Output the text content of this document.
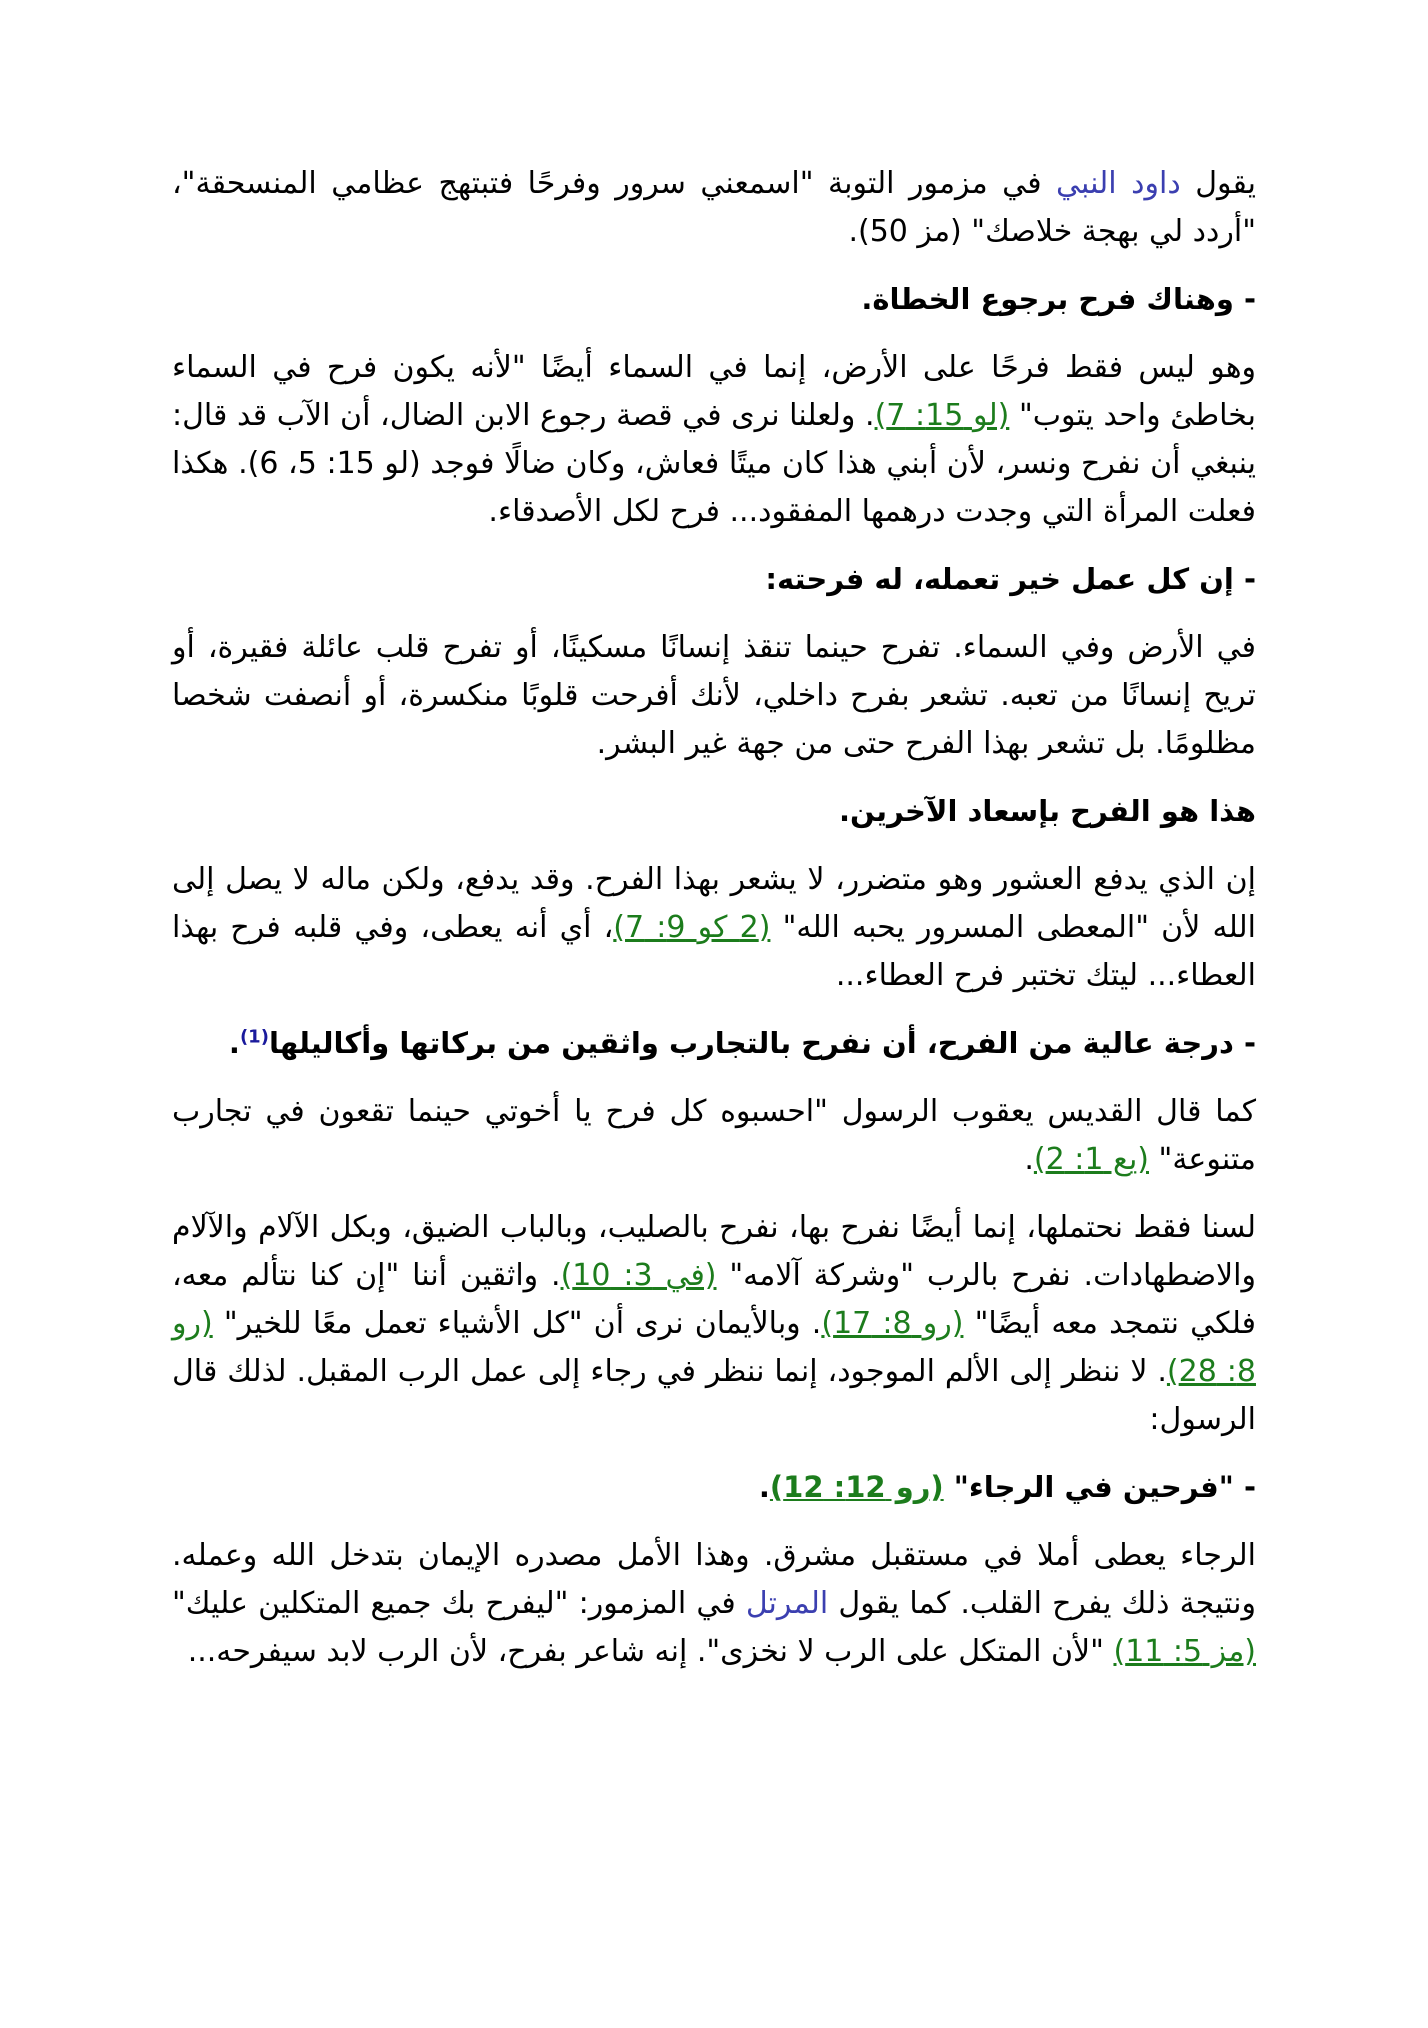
يقول داود النبي في مزمور التوبة "اسمعني سرور وفرحًا فتبتهج عظامي المنسحقة"، "أردد لي بهجة خلاصك" (مز 50).

- وهناك فرح برجوع الخطاة.

وهو ليس فقط فرحًا على الأرض، إنما في السماء أيضًا "لأنه يكون فرح في السماء بخاطئ واحد يتوب" (لو 15: 7). ولعلنا نرى في قصة رجوع الابن الضال، أن الآب قد قال: ينبغي أن نفرح ونسر، لأن أبني هذا كان ميتًا فعاش، وكان ضالًا فوجد (لو 15: 5، 6). هكذا فعلت المرأة التي وجدت درهمها المفقود... فرح لكل الأصدقاء.

- إن كل عمل خير تعمله، له فرحته:

في الأرض وفي السماء. تفرح حينما تنقذ إنسانًا مسكينًا، أو تفرح قلب عائلة فقيرة، أو تريح إنسانًا من تعبه. تشعر بفرح داخلي، لأنك أفرحت قلوبًا منكسرة، أو أنصفت شخصا مظلومًا. بل تشعر بهذا الفرح حتى من جهة غير البشر.

هذا هو الفرح بإسعاد الآخرين.

إن الذي يدفع العشور وهو متضرر، لا يشعر بهذا الفرح. وقد يدفع، ولكن ماله لا يصل إلى الله لأن "المعطى المسرور يحبه الله" (2 كو 9: 7)، أي أنه يعطى، وفي قلبه فرح بهذا العطاء... ليتك تختبر فرح العطاء...

- درجة عالية من الفرح، أن نفرح بالتجارب واثقين من بركاتها وأكاليلها$^{(1)}$.

كما قال القديس يعقوب الرسول "احسبوه كل فرح يا أخوتي حينما تقعون في تجارب متنوعة" (يع 1: 2).

لسنا فقط نحتملها، إنما أيضًا نفرح بها، نفرح بالصليب، وبالباب الضيق، وبكل الآلام والآلام والاضطهادات. نفرح بالرب "وشركة آلامه" (في 3: 10). واثقين أننا "إن كنا نتألم معه، فلكي نتمجد معه أيضًا" (رو 8: 17). وبالأيمان نرى أن "كل الأشياء تعمل معًا للخير" (رو 8: 28). لا ننظر إلى الألم الموجود، إنما ننظر في رجاء إلى عمل الرب المقبل. لذلك قال الرسول:

- "فرحين في الرجاء" (رو 12: 12).

الرجاء يعطى أملا في مستقبل مشرق. وهذا الأمل مصدره الإيمان بتدخل الله وعمله. ونتيجة ذلك يفرح القلب. كما يقول المرتل في المزمور: "ليفرح بك جميع المتكلين عليك" (مز 5: 11) "لأن المتكل على الرب لا نخزى". إنه شاعر بفرح، لأن الرب لابد سيفرحه...
